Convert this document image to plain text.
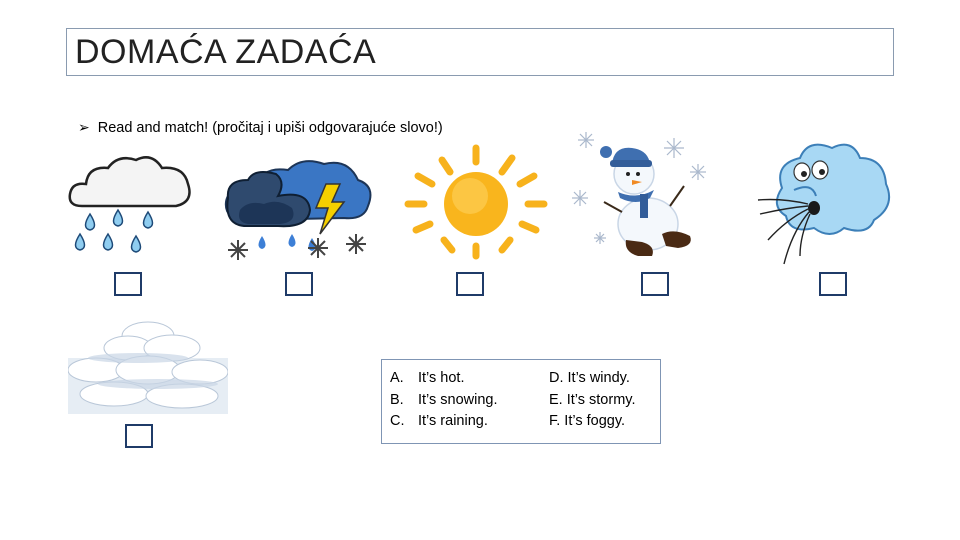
DOMAĆA ZADAĆA
➢ Read and match! (pročitaj i upiši odgovarajuće slovo!)
A. It’s hot.
B. It’s snowing.
C. It’s raining.
D. It’s windy.
E. It’s stormy.
F. It’s foggy.
